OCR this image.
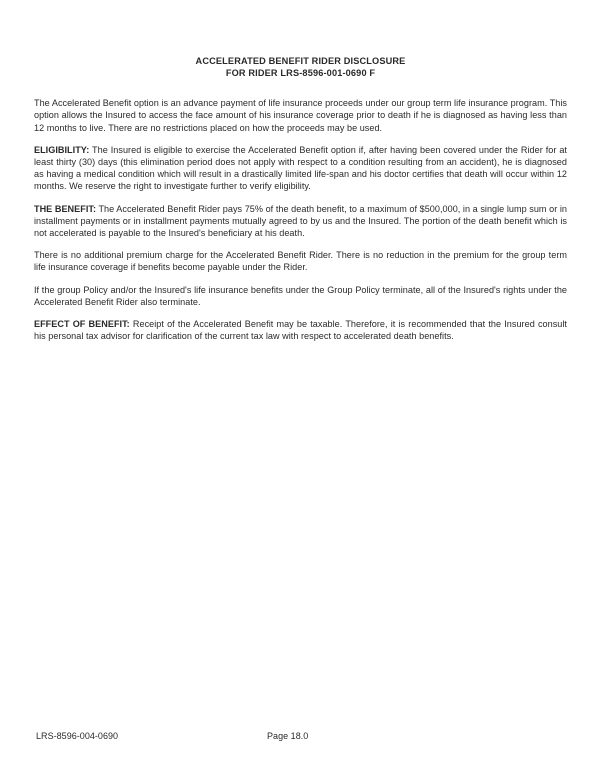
ACCELERATED BENEFIT RIDER DISCLOSURE
FOR RIDER LRS-8596-001-0690 F

The Accelerated Benefit option is an advance payment of life insurance proceeds under our group term life insurance program. This option allows the Insured to access the face amount of his insurance coverage prior to death if he is diagnosed as having less than 12 months to live. There are no restrictions placed on how the proceeds may be used.

ELIGIBILITY: The Insured is eligible to exercise the Accelerated Benefit option if, after having been covered under the Rider for at least thirty (30) days (this elimination period does not apply with respect to a condition resulting from an accident), he is diagnosed as having a medical condition which will result in a drastically limited life-span and his doctor certifies that death will occur within 12 months. We reserve the right to investigate further to verify eligibility.

THE BENEFIT: The Accelerated Benefit Rider pays 75% of the death benefit, to a maximum of $500,000, in a single lump sum or in installment payments or in installment payments mutually agreed to by us and the Insured. The portion of the death benefit which is not accelerated is payable to the Insured's beneficiary at his death.

There is no additional premium charge for the Accelerated Benefit Rider. There is no reduction in the premium for the group term life insurance coverage if benefits become payable under the Rider.

If the group Policy and/or the Insured's life insurance benefits under the Group Policy terminate, all of the Insured's rights under the Accelerated Benefit Rider also terminate.

EFFECT OF BENEFIT: Receipt of the Accelerated Benefit may be taxable. Therefore, it is recommended that the Insured consult his personal tax advisor for clarification of the current tax law with respect to accelerated death benefits.

LRS-8596-004-0690	Page 18.0
